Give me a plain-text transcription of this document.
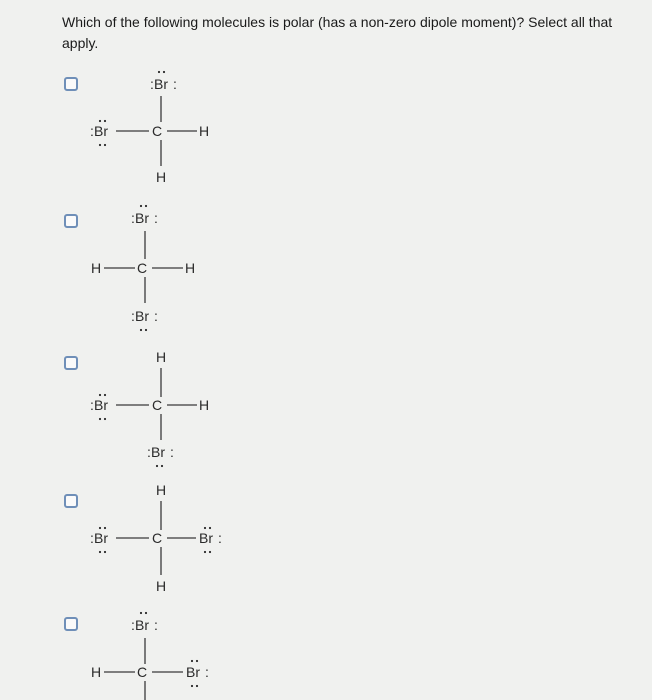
Which of the following molecules is polar (has a non-zero dipole moment)? Select all that apply.
: Br :
: Br	C	H
H
: Br :
H	C	H
: Br :
H
: Br	C	H
: Br :
H
: Br	C	Br :
H
: Br :
H	C	Br :
